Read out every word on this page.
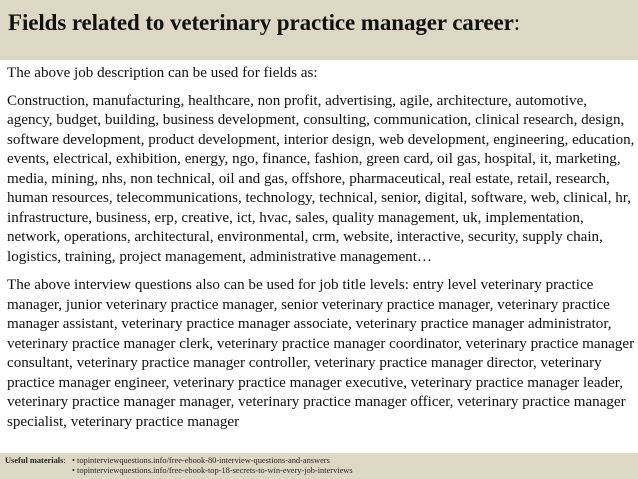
Fields related to veterinary practice manager career:

The above job description can be used for fields as:

Construction, manufacturing, healthcare, non profit, advertising, agile, architecture, automotive, agency, budget, building, business development, consulting, communication, clinical research, design, software development, product development, interior design, web development, engineering, education, events, electrical, exhibition, energy, ngo, finance, fashion, green card, oil gas, hospital, it, marketing, media, mining, nhs, non technical, oil and gas, offshore, pharmaceutical, real estate, retail, research, human resources, telecommunications, technology, technical, senior, digital, software, web, clinical, hr, infrastructure, business, erp, creative, ict, hvac, sales, quality management, uk, implementation, network, operations, architectural, environmental, crm, website, interactive, security, supply chain, logistics, training, project management, administrative management…

The above interview questions also can be used for job title levels: entry level veterinary practice manager, junior veterinary practice manager, senior veterinary practice manager, veterinary practice manager assistant, veterinary practice manager associate, veterinary practice manager administrator, veterinary practice manager clerk, veterinary practice manager coordinator, veterinary practice manager consultant, veterinary practice manager controller, veterinary practice manager director, veterinary practice manager engineer, veterinary practice manager executive, veterinary practice manager leader, veterinary practice manager manager, veterinary practice manager officer, veterinary practice manager specialist, veterinary practice manager

Useful materials: • topinterviewquestions.info/free-ebook-80-interview-questions-and-answers
• topinterviewquestions.info/free-ebook-top-18-secrets-to-win-every-job-interviews
